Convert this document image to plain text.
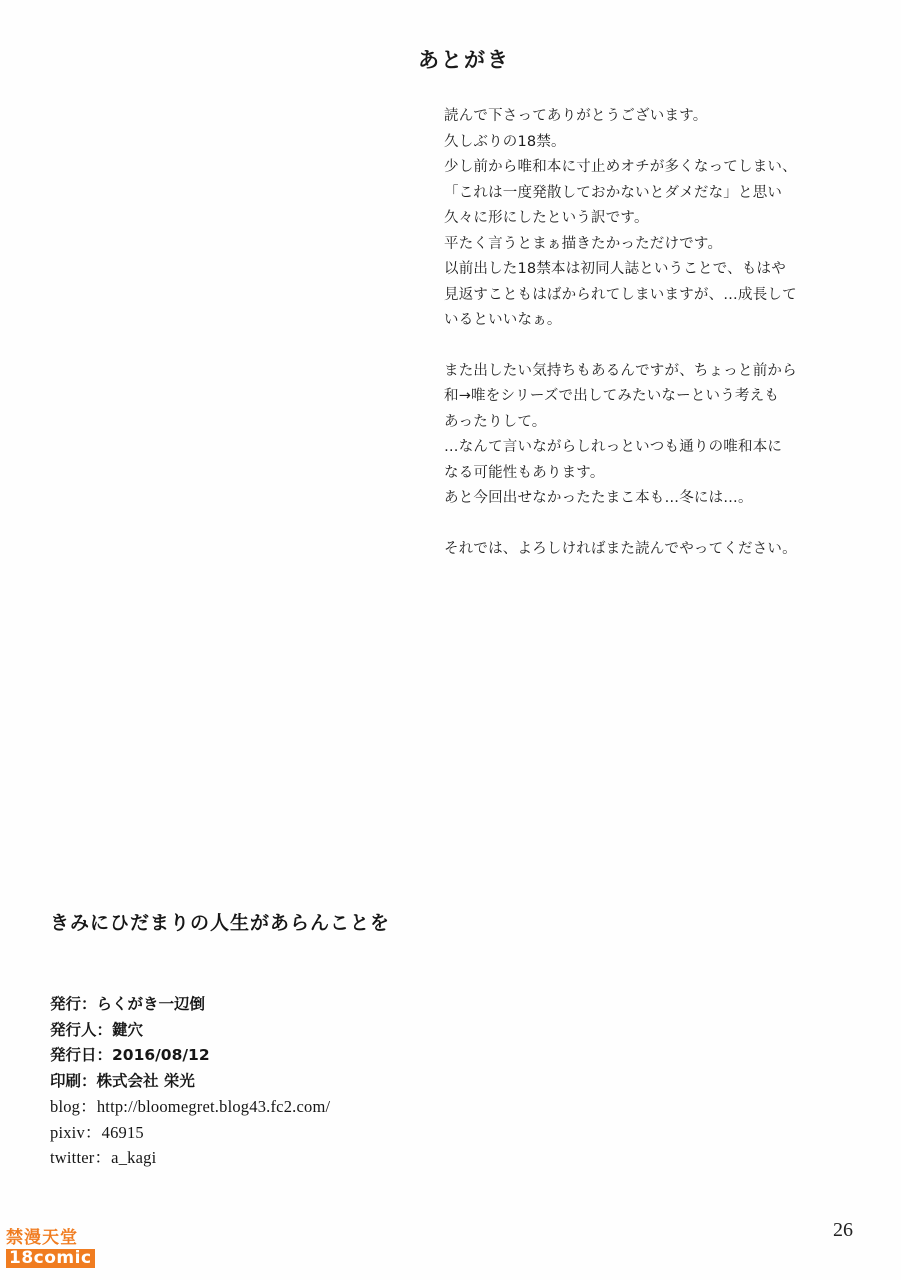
あとがき

読んで下さってありがとうございます。

久しぶりの18禁。

少し前から唯和本に寸止めオチが多くなってしまい、

「これは一度発散しておかないとダメだな」と思い

久々に形にしたという訳です。

平たく言うとまぁ描きたかっただけです。

以前出した18禁本は初同人誌ということで、もはや

見返すこともはばかられてしまいますが、…成長して

いるといいなぁ。

また出したい気持ちもあるんですが、ちょっと前から

和→唯をシリーズで出してみたいなーという考えも

あったりして。

…なんて言いながらしれっといつも通りの唯和本に

なる可能性もあります。

あと今回出せなかったたまこ本も…冬には…。

それでは、よろしければまた読んでやってください。

きみにひだまりの人生があらんことを
発行：らくがき一辺倒
発行人：鍵穴
発行日：2016/08/12
印刷：株式会社 栄光
blog：http://bloomegret.blog43.fc2.com/
pixiv：46915
twitter：a_kagi
26
禁漫天堂
18comic
